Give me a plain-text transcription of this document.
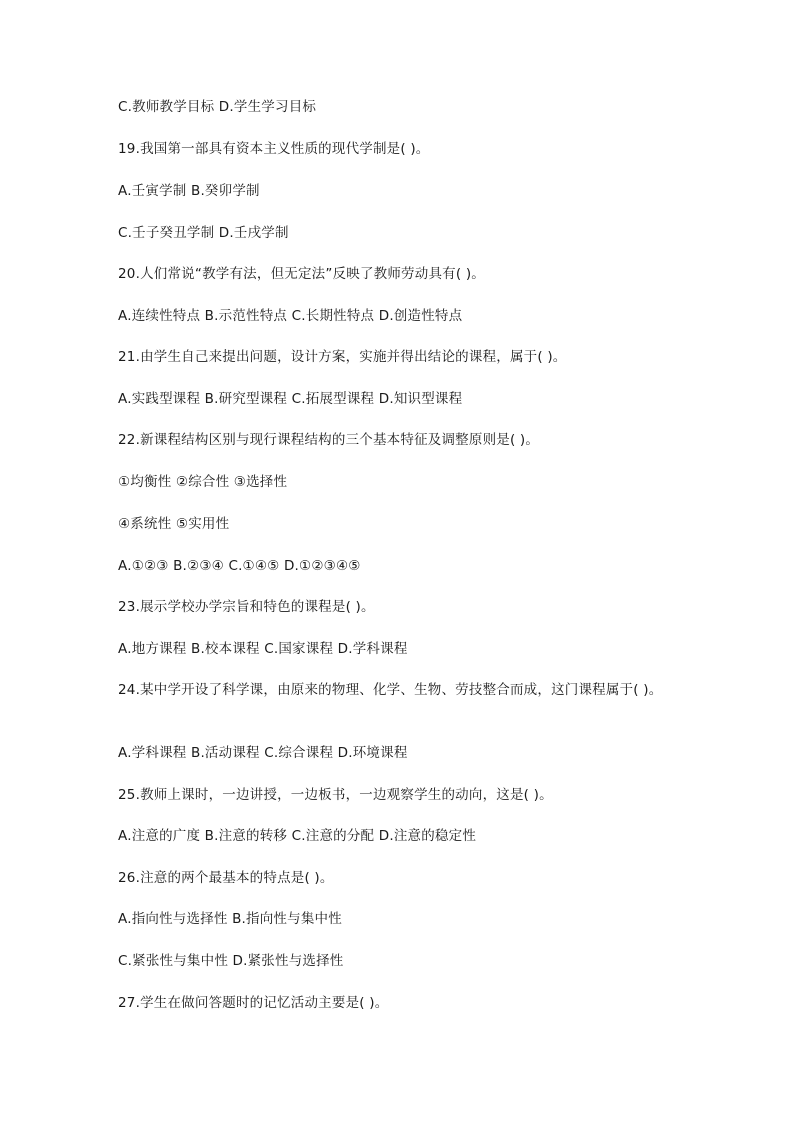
C.教师教学目标 D.学生学习目标
19.我国第一部具有资本主义性质的现代学制是( )。
A.壬寅学制 B.癸卯学制
C.壬子癸丑学制 D.壬戌学制
20.人们常说“教学有法，但无定法”反映了教师劳动具有( )。
A.连续性特点 B.示范性特点 C.长期性特点 D.创造性特点
21.由学生自己来提出问题，设计方案，实施并得出结论的课程，属于( )。
A.实践型课程 B.研究型课程 C.拓展型课程 D.知识型课程
22.新课程结构区别与现行课程结构的三个基本特征及调整原则是( )。
①均衡性 ②综合性 ③选择性
④系统性 ⑤实用性
A.①②③ B.②③④ C.①④⑤ D.①②③④⑤
23.展示学校办学宗旨和特色的课程是( )。
A.地方课程 B.校本课程 C.国家课程 D.学科课程
24.某中学开设了科学课，由原来的物理、化学、生物、劳技整合而成，这门课程属于( )。
A.学科课程 B.活动课程 C.综合课程 D.环境课程
25.教师上课时，一边讲授，一边板书，一边观察学生的动向，这是( )。
A.注意的广度 B.注意的转移 C.注意的分配 D.注意的稳定性
26.注意的两个最基本的特点是( )。
A.指向性与选择性 B.指向性与集中性
C.紧张性与集中性 D.紧张性与选择性
27.学生在做问答题时的记忆活动主要是( )。
